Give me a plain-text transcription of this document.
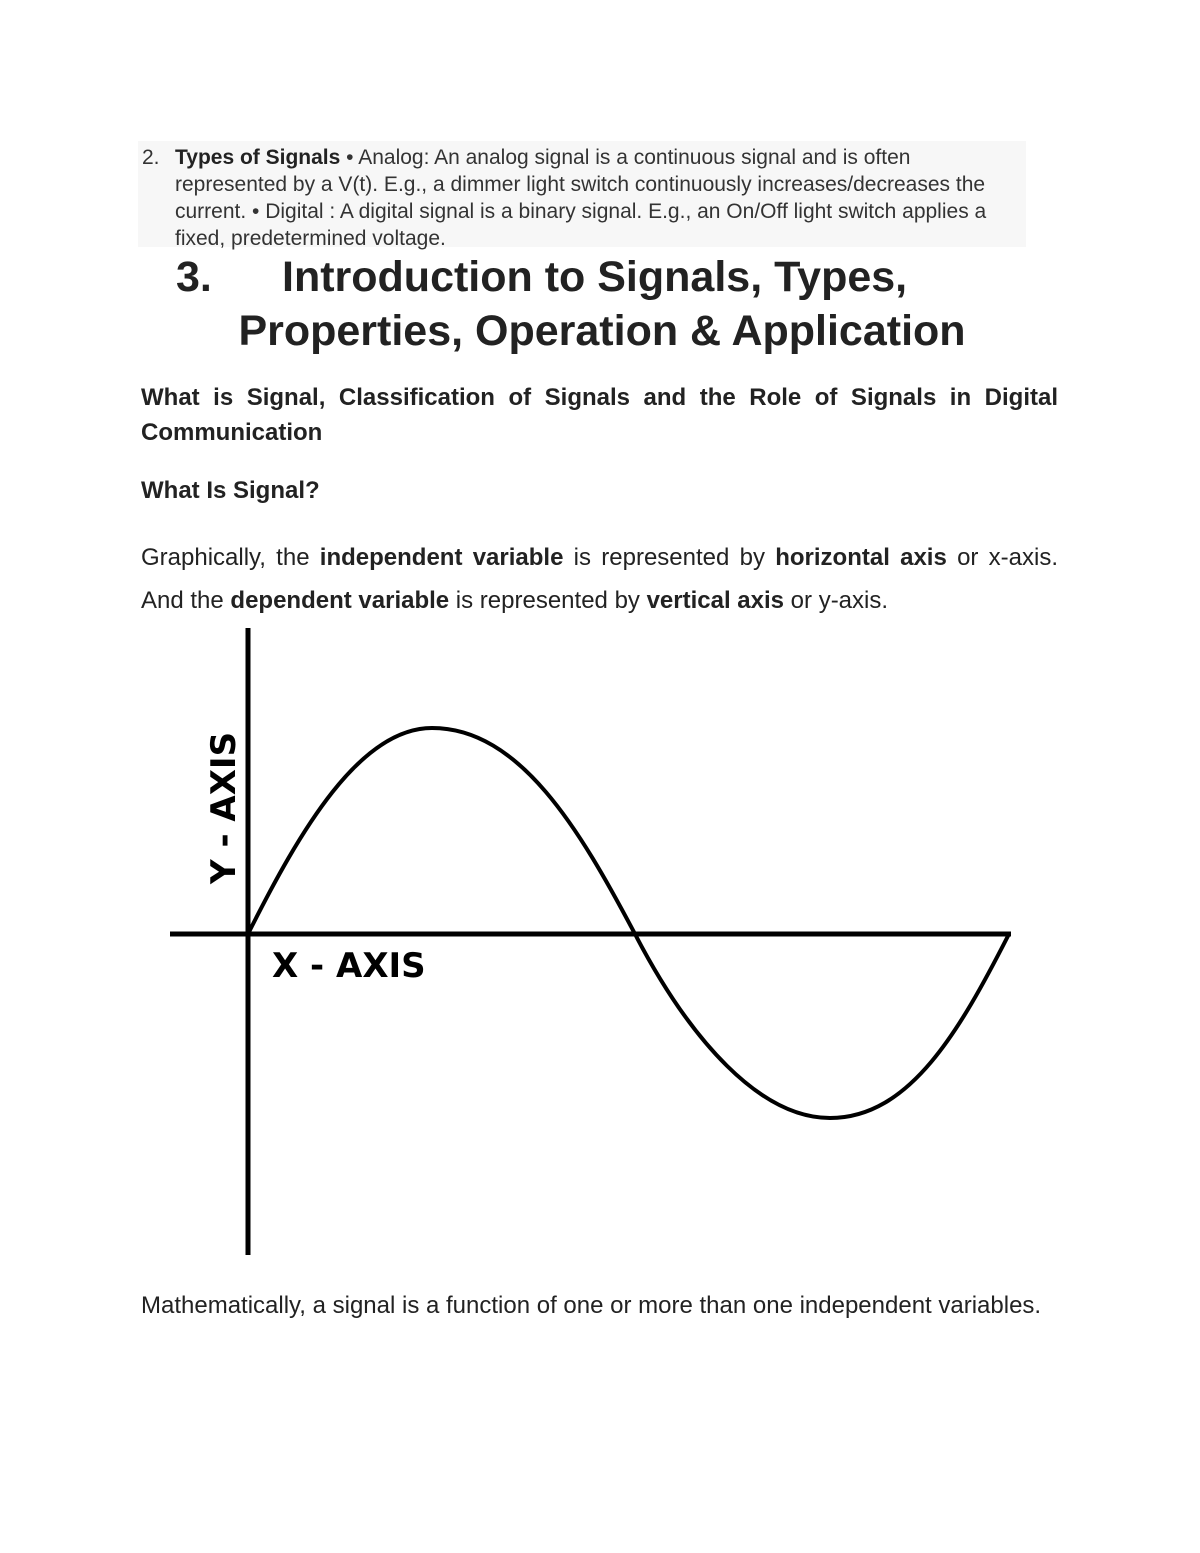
2. Types of Signals • Analog: An analog signal is a continuous signal and is often represented by a V(t). E.g., a dimmer light switch continuously increases/decreases the current. • Digital : A digital signal is a binary signal. E.g., an On/Off light switch applies a fixed, predetermined voltage.
3.	Introduction to Signals, Types,
Properties, Operation & Application
What is Signal, Classification of Signals and the Role of Signals in Digital Communication
What Is Signal?
Graphically, the independent variable is represented by horizontal axis or x-axis. And the dependent variable is represented by vertical axis or y-axis.
Y - AXIS
X - AXIS
Mathematically, a signal is a function of one or more than one independent variables.
